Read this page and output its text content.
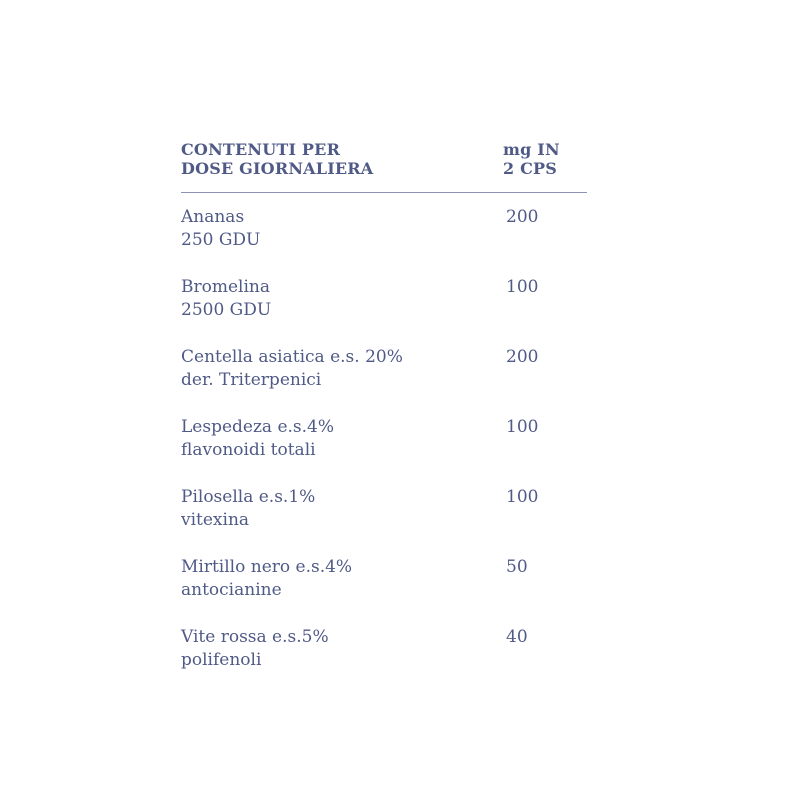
CONTENUTI PER
DOSE GIORNALIERA
mg IN
2 CPS
Ananas
250 GDU
200
Bromelina
2500 GDU
100
Centella asiatica e.s. 20%
der. Triterpenici
200
Lespedeza e.s.4%
flavonoidi totali
100
Pilosella e.s.1%
vitexina
100
Mirtillo nero e.s.4%
antocianine
50
Vite rossa e.s.5%
polifenoli
40
